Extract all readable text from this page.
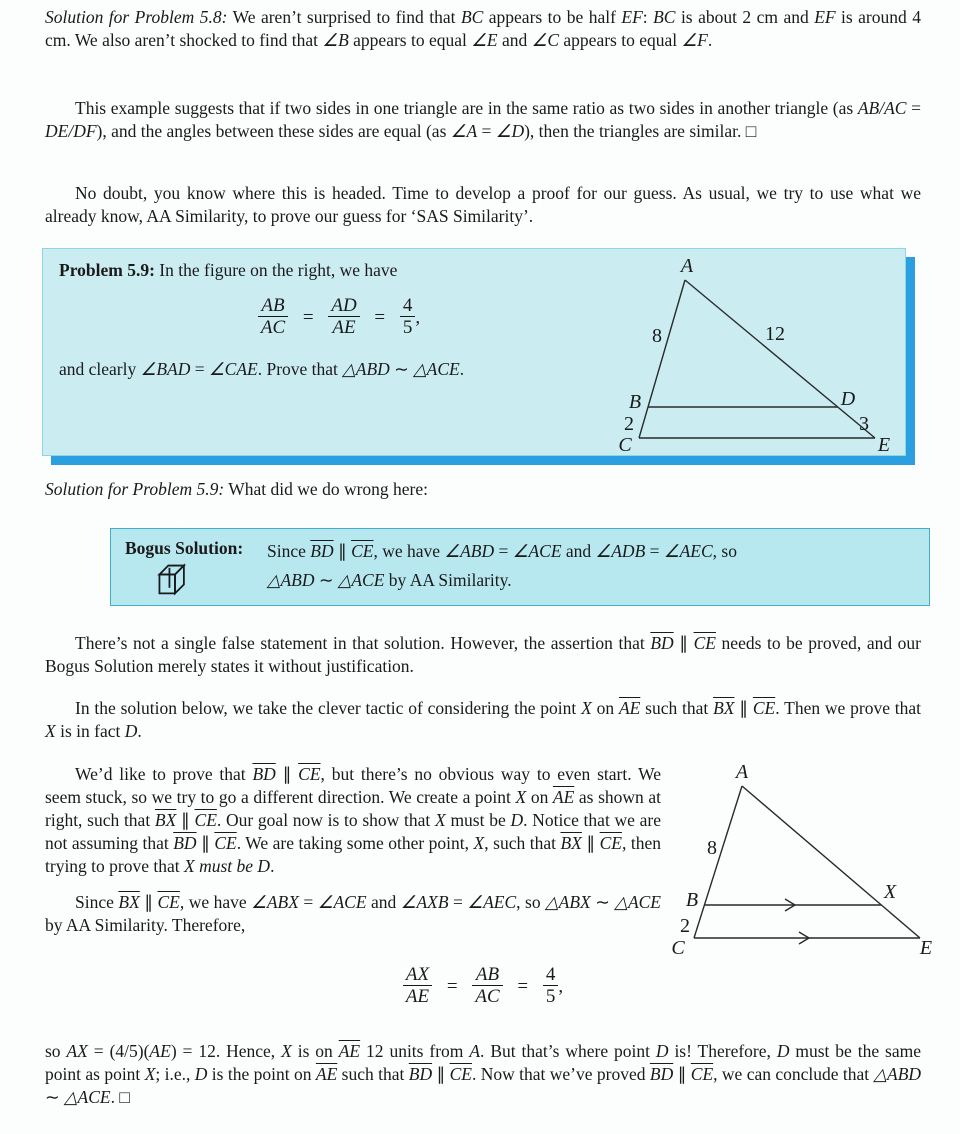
Solution for Problem 5.8: We aren’t surprised to find that BC appears to be half EF: BC is about 2 cm and EF is around 4 cm. We also aren’t shocked to find that ∠B appears to equal ∠E and ∠C appears to equal ∠F.
This example suggests that if two sides in one triangle are in the same ratio as two sides in another triangle (as AB/AC = DE/DF), and the angles between these sides are equal (as ∠A = ∠D), then the triangles are similar. □
No doubt, you know where this is headed. Time to develop a proof for our guess. As usual, we try to use what we already know, AA Similarity, to prove our guess for ‘SAS Similarity’.
Problem 5.9: In the figure on the right, we have
$\frac{AB}{AC} = \frac{AD}{AE} = \frac{4}{5}$ ,
and clearly ∠BAD = ∠CAE. Prove that △ABD ∼ △ACE.
A
8	12
B	D
3
2
C	E
Solution for Problem 5.9: What did we do wrong here:
Bogus Solution:	Since $\overline{BD}$ ∥ $\overline{CE}$, we have ∠ABD = ∠ACE and ∠ADB = ∠AEC, so
△ABD ∼ △ACE by AA Similarity.
There’s not a single false statement in that solution. However, the assertion that $\overline{BD}$ ∥ $\overline{CE}$ needs to be proved, and our Bogus Solution merely states it without justification.
In the solution below, we take the clever tactic of considering the point X on $\overline{AE}$ such that $\overline{BX}$ ∥ $\overline{CE}$. Then we prove that X is in fact D.
We’d like to prove that $\overline{BD}$ ∥ $\overline{CE}$, but there’s no obvious way to even start. We seem stuck, so we try to go a different direction. We create a point X on $\overline{AE}$ as shown at right, such that $\overline{BX}$ ∥ $\overline{CE}$. Our goal now is to show that X must be D. Notice that we are not assuming that $\overline{BD}$ ∥ $\overline{CE}$. We are taking some other point, X, such that $\overline{BX}$ ∥ $\overline{CE}$, then trying to prove that X must be D.
Since $\overline{BX}$ ∥ $\overline{CE}$, we have ∠ABX = ∠ACE and ∠AXB = ∠AEC, so △ABX ∼ △ACE by AA Similarity. Therefore,
A
8
B
2
C
X
E
$\frac{AX}{AE} = \frac{AB}{AC} = \frac{4}{5}$ ,
so AX = (4/5)(AE) = 12. Hence, X is on $\overline{AE}$ 12 units from A. But that’s where point D is! Therefore, D must be the same point as point X; i.e., D is the point on $\overline{AE}$ such that $\overline{BD}$ ∥ $\overline{CE}$. Now that we’ve proved $\overline{BD}$ ∥ $\overline{CE}$, we can conclude that △ABD ∼ △ACE. □
